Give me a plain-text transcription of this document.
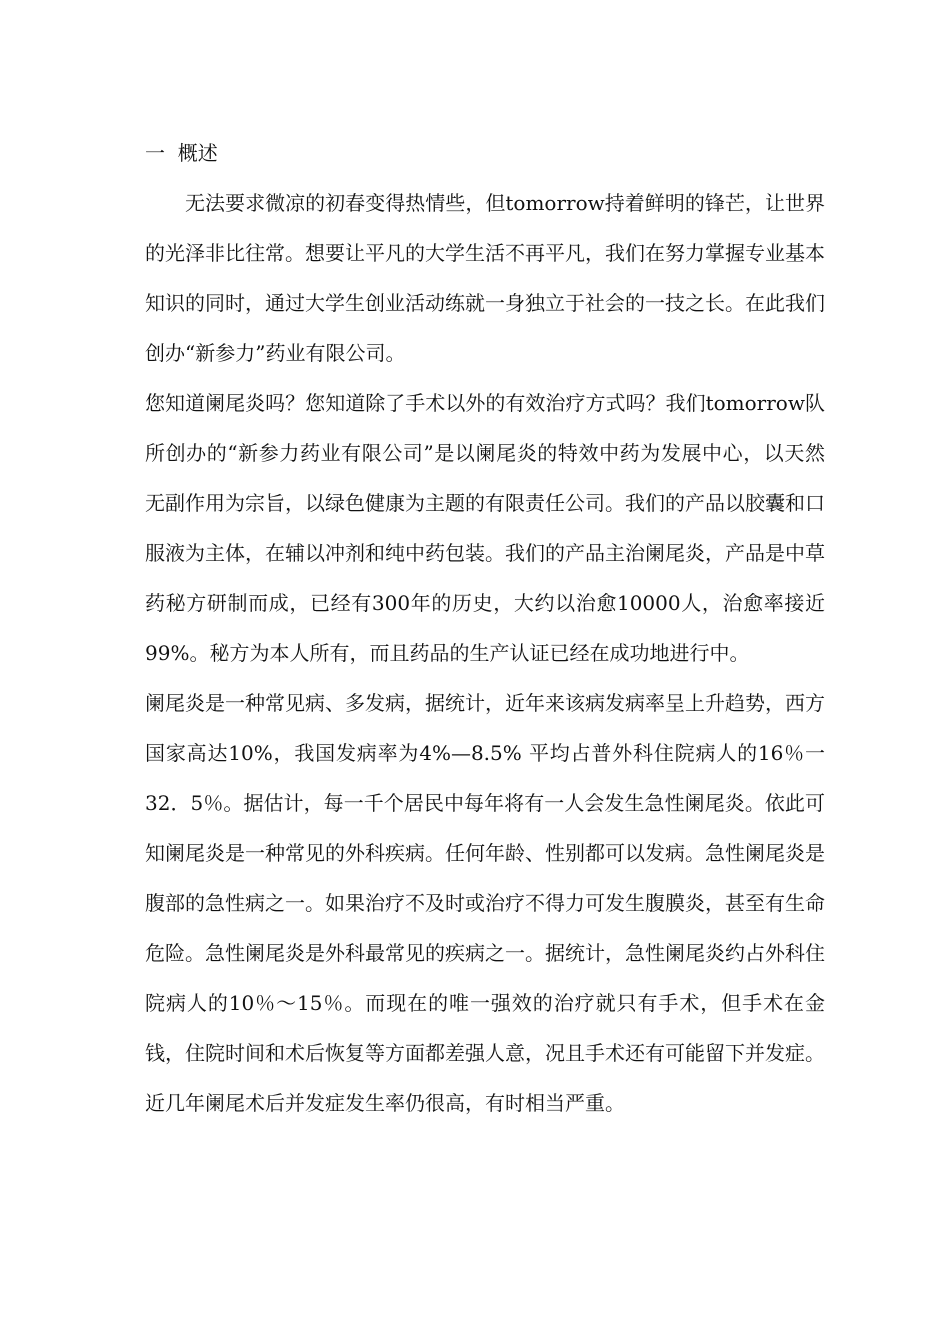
一  概述

无法要求微凉的初春变得热情些，但tomorrow持着鲜明的锋芒，让世界的光泽非比往常。想要让平凡的大学生活不再平凡，我们在努力掌握专业基本知识的同时，通过大学生创业活动练就一身独立于社会的一技之长。在此我们创办“新参力”药业有限公司。

您知道阑尾炎吗？您知道除了手术以外的有效治疗方式吗？我们tomorrow队所创办的“新参力药业有限公司”是以阑尾炎的特效中药为发展中心，以天然无副作用为宗旨，以绿色健康为主题的有限责任公司。我们的产品以胶囊和口服液为主体，在辅以冲剂和纯中药包装。我们的产品主治阑尾炎，产品是中草药秘方研制而成，已经有300年的历史，大约以治愈10000人，治愈率接近99%。秘方为本人所有，而且药品的生产认证已经在成功地进行中。

阑尾炎是一种常见病、多发病，据统计，近年来该病发病率呈上升趋势，西方国家高达10%，我国发病率为4%—8.5% 平均占普外科住院病人的16％一32．5％。据估计，每一千个居民中每年将有一人会发生急性阑尾炎。依此可知阑尾炎是一种常见的外科疾病。任何年龄、性别都可以发病。急性阑尾炎是腹部的急性病之一。如果治疗不及时或治疗不得力可发生腹膜炎，甚至有生命危险。急性阑尾炎是外科最常见的疾病之一。据统计，急性阑尾炎约占外科住院病人的10％～15％。而现在的唯一强效的治疗就只有手术，但手术在金钱，住院时间和术后恢复等方面都差强人意，况且手术还有可能留下并发症。近几年阑尾术后并发症发生率仍很高，有时相当严重。
